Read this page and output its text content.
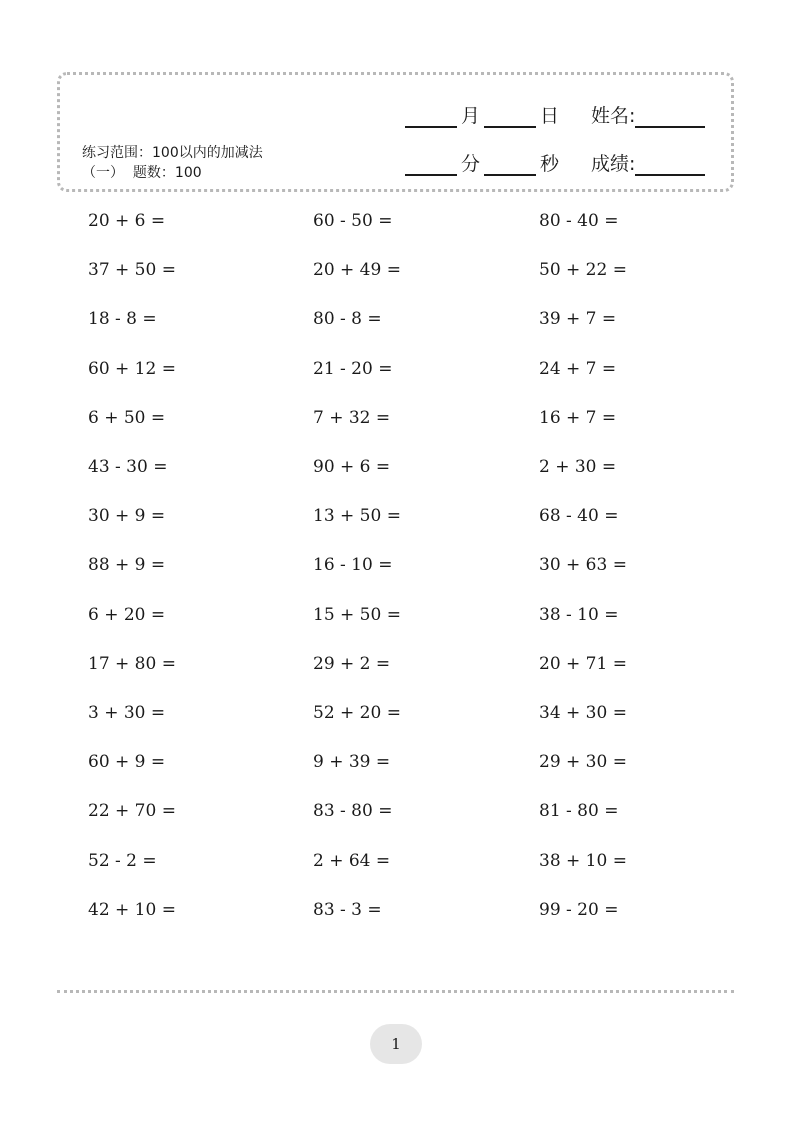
月	日 姓名:
分	秒 成绩:
练习范围：100以内的加减法
（一） 题数：100
20 + 6 =
37 + 50 =
18 - 8 =
60 + 12 =
6 + 50 =
43 - 30 =
30 + 9 =
88 + 9 =
6 + 20 =
17 + 80 =
3 + 30 =
60 + 9 =
22 + 70 =
52 - 2 =
42 + 10 =
60 - 50 =
20 + 49 =
80 - 8 =
21 - 20 =
7 + 32 =
90 + 6 =
13 + 50 =
16 - 10 =
15 + 50 =
29 + 2 =
52 + 20 =
9 + 39 =
83 - 80 =
2 + 64 =
83 - 3 =
80 - 40 =
50 + 22 =
39 + 7 =
24 + 7 =
16 + 7 =
2 + 30 =
68 - 40 =
30 + 63 =
38 - 10 =
20 + 71 =
34 + 30 =
29 + 30 =
81 - 80 =
38 + 10 =
99 - 20 =
1
